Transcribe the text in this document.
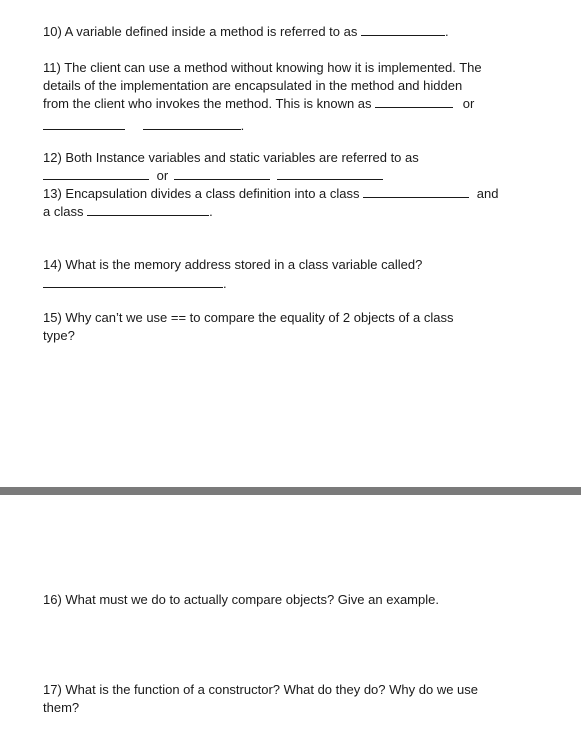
10) A variable defined inside a method is referred to as	.
11) The client can use a method without knowing how it is implemented. The
details of the implementation are encapsulated in the method and hidden
from the client who invokes the method. This is known as	or
.
12) Both Instance variables and static variables are referred to as
or
13) Encapsulation divides a class definition into a class	and
a class	.
14) What is the memory address stored in a class variable called?
.
15) Why can’t we use == to compare the equality of 2 objects of a class
type?
16) What must we do to actually compare objects? Give an example.
17) What is the function of a constructor? What do they do? Why do we use
them?
